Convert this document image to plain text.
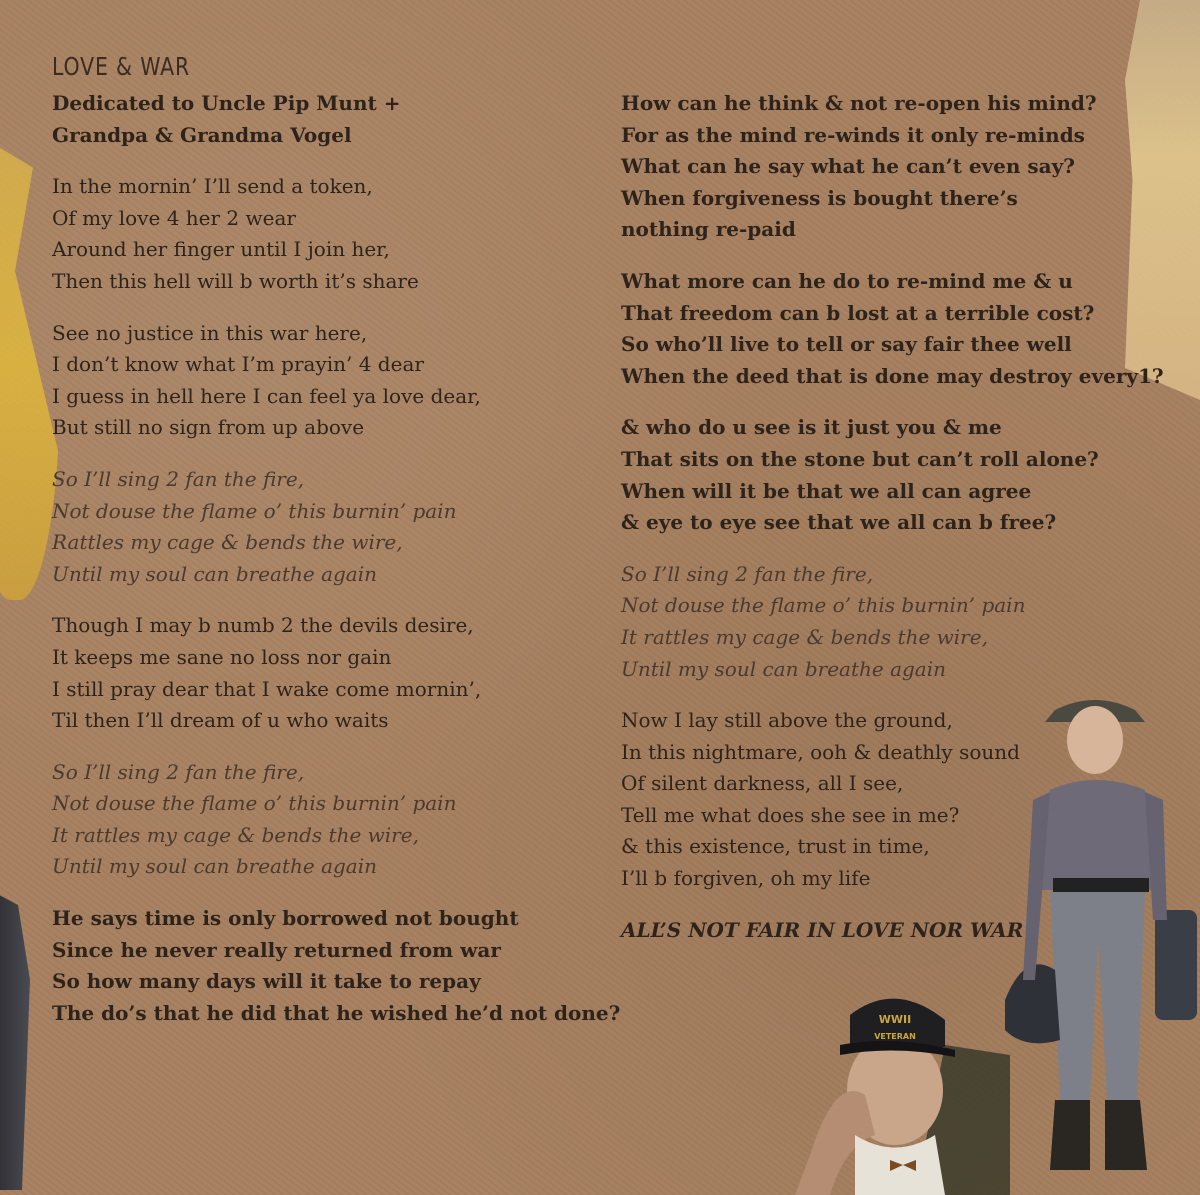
WWII
VETERAN
LOVE & WAR
Dedicated to Uncle Pip Munt +
Grandpa & Grandma Vogel
In the mornin’ I’ll send a token,
Of my love 4 her 2 wear
Around her finger until I join her,
Then this hell will b worth it’s share
See no justice in this war here,
I don’t know what I’m prayin’ 4 dear
I guess in hell here I can feel ya love dear,
But still no sign from up above
So I’ll sing 2 fan the fire,
Not douse the flame o’ this burnin’ pain
Rattles my cage & bends the wire,
Until my soul can breathe again
Though I may b numb 2 the devils desire,
It keeps me sane no loss nor gain
I still pray dear that I wake come mornin’,
Til then I’ll dream of u who waits
So I’ll sing 2 fan the fire,
Not douse the flame o’ this burnin’ pain
It rattles my cage & bends the wire,
Until my soul can breathe again
He says time is only borrowed not bought
Since he never really returned from war
So how many days will it take to repay
The do’s that he did that he wished he’d not done?
How can he think & not re-open his mind?
For as the mind re-winds it only re-minds
What can he say what he can’t even say?
When forgiveness is bought there’s
nothing re-paid
What more can he do to re-mind me & u
That freedom can b lost at a terrible cost?
So who’ll live to tell or say fair thee well
When the deed that is done may destroy every1?
& who do u see is it just you & me
That sits on the stone but can’t roll alone?
When will it be that we all can agree
& eye to eye see that we all can b free?
So I’ll sing 2 fan the fire,
Not douse the flame o’ this burnin’ pain
It rattles my cage & bends the wire,
Until my soul can breathe again
Now I lay still above the ground,
In this nightmare, ooh & deathly sound
Of silent darkness, all I see,
Tell me what does she see in me?
& this existence, trust in time,
I’ll b forgiven, oh my life
ALL’S NOT FAIR IN LOVE NOR WAR
